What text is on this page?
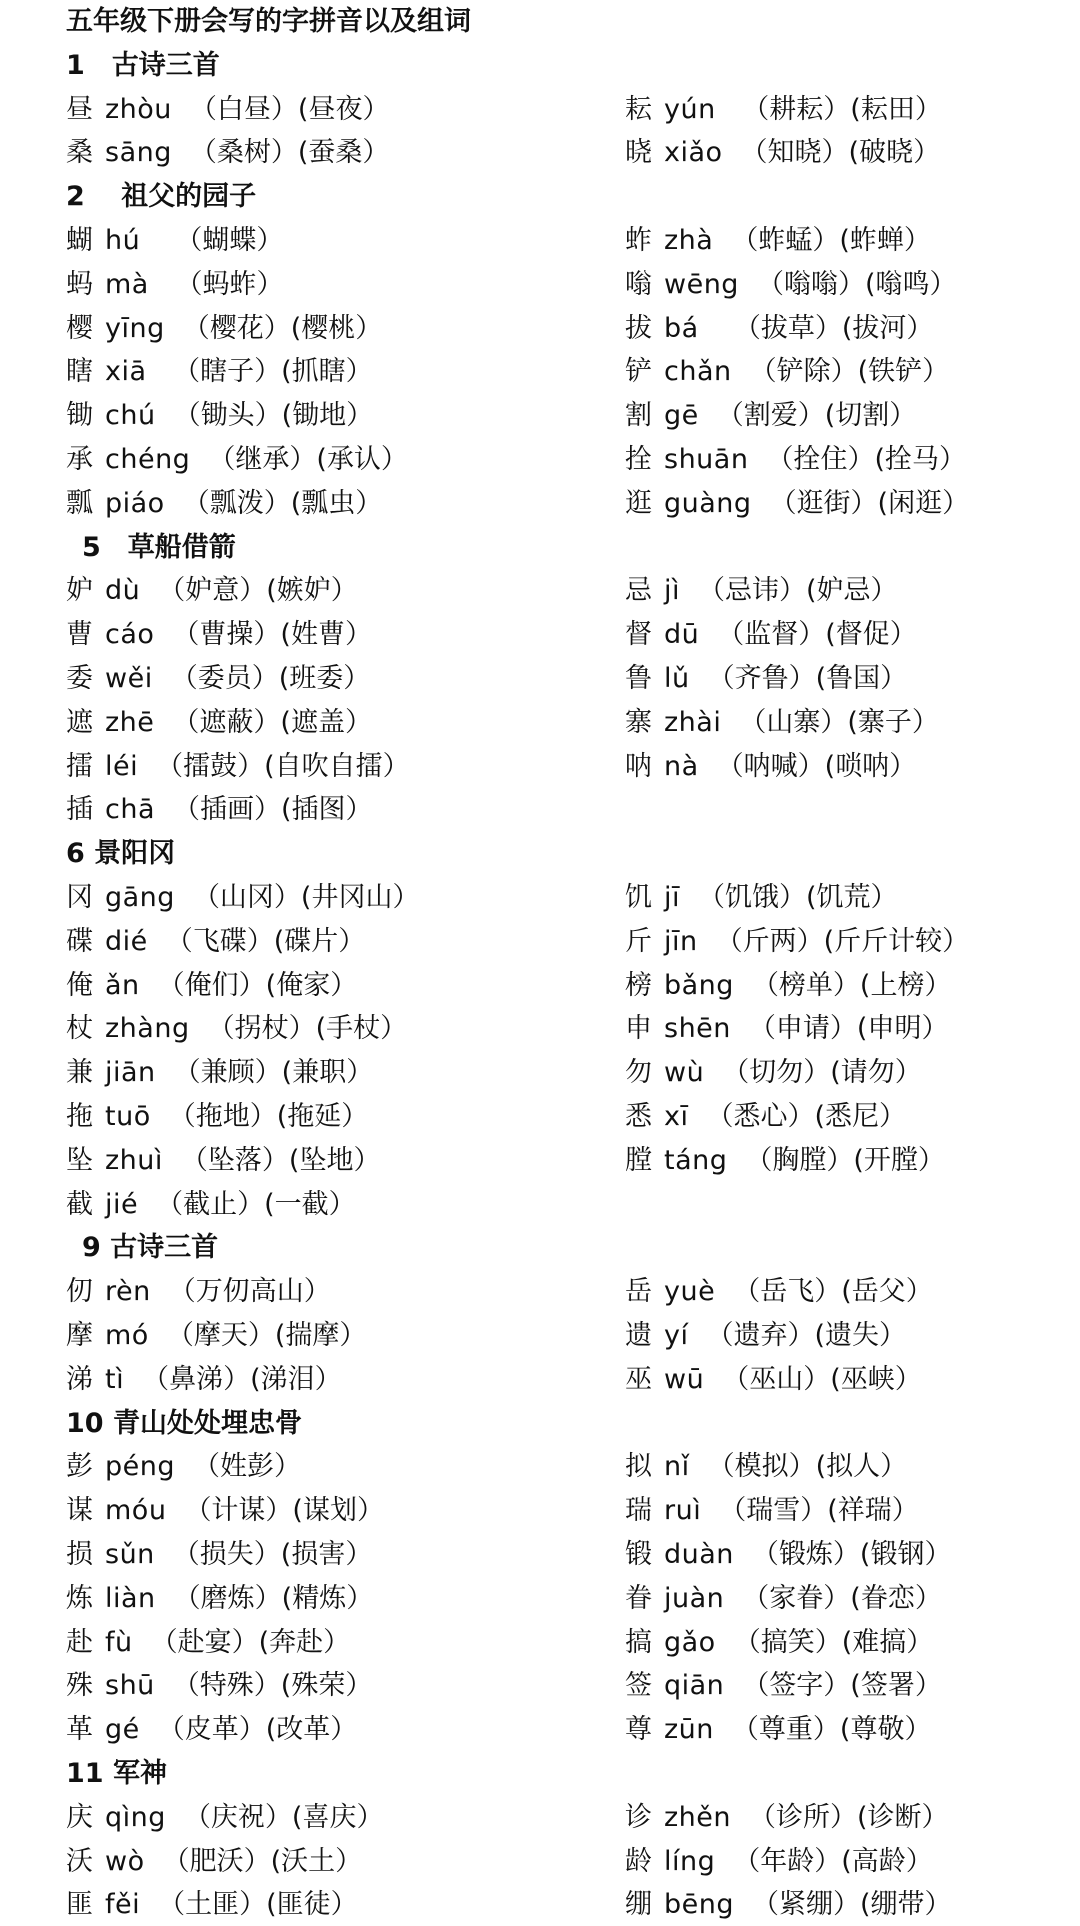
五年级下册会写的字拼音以及组词
1　古诗三首
昼 zhòu （白昼）(昼夜）	耘 yún （耕耘）(耘田）
桑 sāng （桑树）(蚕桑）	晓 xiǎo （知晓）(破晓）
2　 祖父的园子
蝴 hú  （蝴蝶）	蚱 zhà （蚱蜢）(蚱蝉）
蚂 mà （蚂蚱）	嗡 wēng （嗡嗡）(嗡鸣）
樱 yīng （樱花）(樱桃）	拔 bá  （拔草）(拔河）
瞎 xiā （瞎子）(抓瞎）	铲 chǎn （铲除）(铁铲）
锄 chú （锄头）(锄地）	割 gē （割爱）(切割）
承 chéng （继承）(承认）	拴 shuān （拴住）(拴马）
瓢 piáo （瓢泼）(瓢虫）	逛 guàng （逛街）(闲逛）
5　草船借箭
妒 dù （妒意）(嫉妒）	忌 jì （忌讳）(妒忌）
曹 cáo （曹操）(姓曹）	督 dū （监督）(督促）
委 wěi （委员）(班委）	鲁 lǔ （齐鲁）(鲁国）
遮 zhē （遮蔽）(遮盖）	寨 zhài （山寨）(寨子）
擂 léi （擂鼓）(自吹自擂）	呐 nà （呐喊）(唢呐）
插 chā （插画）(插图）
6 景阳冈
冈 gāng （山冈）(井冈山）	饥 jī （饥饿）(饥荒）
碟 dié （飞碟）(碟片）	斤 jīn （斤两）(斤斤计较）
俺 ǎn （俺们）(俺家）	榜 bǎng （榜单）(上榜）
杖 zhàng （拐杖）(手杖）	申 shēn （申请）(申明）
兼 jiān （兼顾）(兼职）	勿 wù （切勿）(请勿）
拖 tuō （拖地）(拖延）	悉 xī （悉心）(悉尼）
坠 zhuì （坠落）(坠地）	膛 táng （胸膛）(开膛）
截 jié （截止）(一截）
9 古诗三首
仞 rèn （万仞高山）	岳 yuè （岳飞）(岳父）
摩 mó （摩天）(揣摩）	遗 yí （遗弃）(遗失）
涕 tì （鼻涕）(涕泪）	巫 wū （巫山）(巫峡）
10 青山处处埋忠骨
彭 péng （姓彭）	拟 nǐ （模拟）(拟人）
谋 móu （计谋）(谋划）	瑞 ruì （瑞雪）(祥瑞）
损 sǔn （损失）(损害）	锻 duàn （锻炼）(锻钢）
炼 liàn （磨炼）(精炼）	眷 juàn （家眷）(眷恋）
赴 fù （赴宴）(奔赴）	搞 gǎo （搞笑）(难搞）
殊 shū （特殊）(殊荣）	签 qiān （签字）(签署）
革 gé （皮革）(改革）	尊 zūn （尊重）(尊敬）
11 军神
庆 qìng （庆祝）(喜庆）	诊 zhěn （诊所）(诊断）
沃 wò （肥沃）(沃土）	龄 líng （年龄）(高龄）
匪 fěi （土匪）(匪徒）	绷 bēng （紧绷）(绷带）
